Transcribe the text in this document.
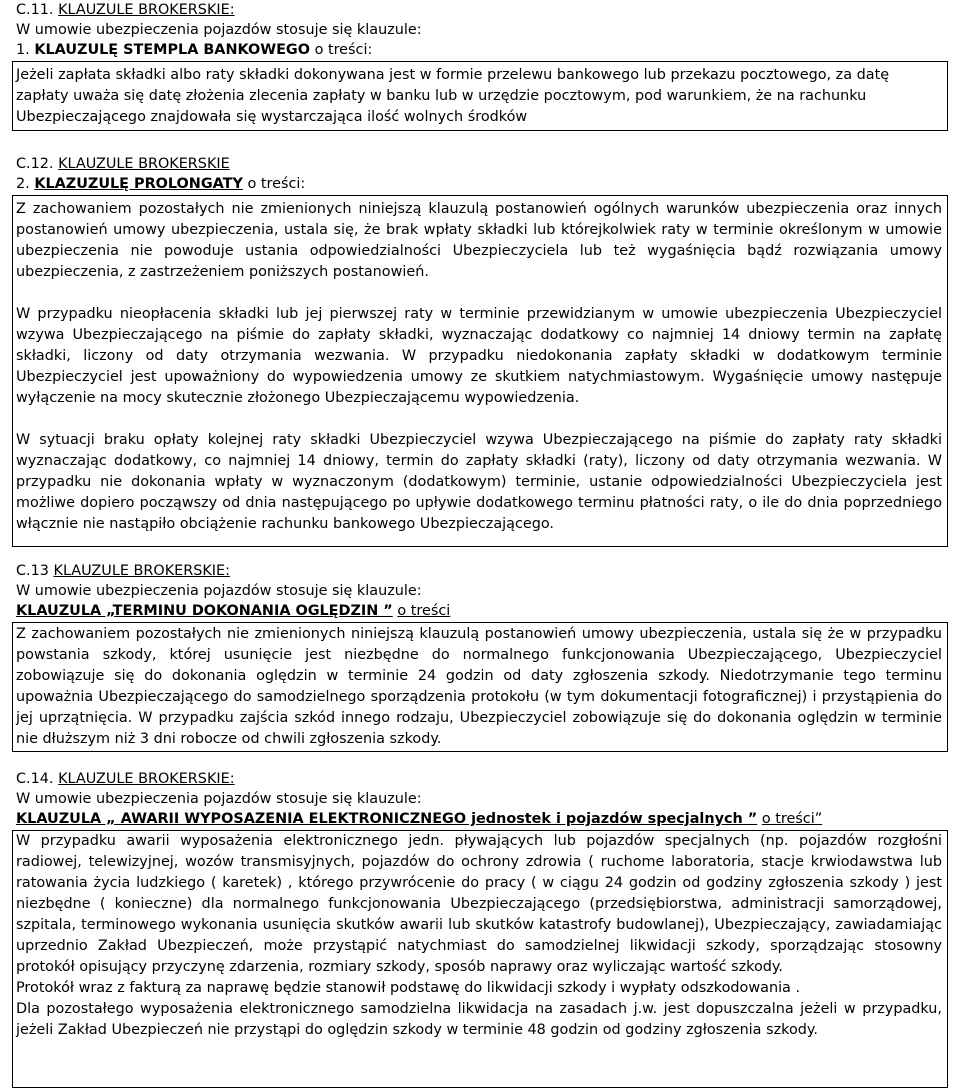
C.11. KLAUZULE BROKERSKIE:
W umowie ubezpieczenia pojazdów stosuje się klauzule:
1. KLAUZULĘ STEMPLA BANKOWEGO o treści:
Jeżeli zapłata składki albo raty składki dokonywana jest w formie przelewu bankowego lub przekazu pocztowego, za datę zapłaty uważa się datę złożenia zlecenia zapłaty w banku lub w urzędzie pocztowym, pod warunkiem, że na rachunku Ubezpieczającego znajdowała się wystarczająca ilość wolnych środków
C.12. KLAUZULE BROKERSKIE
2. KLAZUZULĘ PROLONGATY o treści:

Z zachowaniem pozostałych nie zmienionych niniejszą klauzulą postanowień ogólnych warunków ubezpieczenia oraz innych postanowień umowy ubezpieczenia, ustala się, że brak wpłaty składki lub którejkolwiek raty w terminie określonym w umowie ubezpieczenia nie powoduje ustania odpowiedzialności Ubezpieczyciela lub też wygaśnięcia bądź rozwiązania umowy ubezpieczenia, z zastrzeżeniem poniższych postanowień.

W przypadku nieopłacenia składki lub jej pierwszej raty w terminie przewidzianym w umowie ubezpieczenia Ubezpieczyciel wzywa Ubezpieczającego na piśmie do zapłaty składki, wyznaczając dodatkowy co najmniej 14 dniowy termin na zapłatę składki, liczony od daty otrzymania wezwania. W przypadku niedokonania zapłaty składki w dodatkowym terminie Ubezpieczyciel jest upoważniony do wypowiedzenia umowy ze skutkiem natychmiastowym. Wygaśnięcie umowy następuje wyłączenie na mocy skutecznie złożonego Ubezpieczającemu wypowiedzenia.

W sytuacji braku opłaty kolejnej raty składki Ubezpieczyciel wzywa Ubezpieczającego na piśmie do zapłaty raty składki wyznaczając dodatkowy, co najmniej 14 dniowy, termin do zapłaty składki (raty), liczony od daty otrzymania wezwania. W przypadku nie dokonania wpłaty w wyznaczonym (dodatkowym) terminie, ustanie odpowiedzialności Ubezpieczyciela jest możliwe dopiero począwszy od dnia następującego po upływie dodatkowego terminu płatności raty, o ile do dnia poprzedniego włącznie nie nastąpiło obciążenie rachunku bankowego Ubezpieczającego.

C.13 KLAUZULE BROKERSKIE:
W umowie ubezpieczenia pojazdów stosuje się klauzule:
KLAUZULA „TERMINU DOKONANIA OGLĘDZIN ” o treści
Z zachowaniem pozostałych nie zmienionych niniejszą klauzulą postanowień umowy ubezpieczenia, ustala się że w przypadku powstania szkody, której usunięcie jest niezbędne do normalnego funkcjonowania Ubezpieczającego, Ubezpieczyciel zobowiązuje się do dokonania oględzin w terminie 24 godzin od daty zgłoszenia szkody. Niedotrzymanie tego terminu upoważnia Ubezpieczającego do samodzielnego sporządzenia protokołu (w tym dokumentacji fotograficznej) i przystąpienia do jej uprzątnięcia. W przypadku zajścia szkód innego rodzaju, Ubezpieczyciel zobowiązuje się do dokonania oględzin w terminie nie dłuższym niż 3 dni robocze od chwili zgłoszenia szkody.
C.14. KLAUZULE BROKERSKIE:
W umowie ubezpieczenia pojazdów stosuje się klauzule:
KLAUZULA „ AWARII WYPOSAZENIA ELEKTRONICZNEGO jednostek i pojazdów specjalnych ” o treści”

W przypadku awarii wyposażenia elektronicznego jedn. pływających lub pojazdów specjalnych (np. pojazdów rozgłośni radiowej, telewizyjnej, wozów transmisyjnych, pojazdów do ochrony zdrowia ( ruchome laboratoria, stacje krwiodawstwa lub ratowania życia ludzkiego ( karetek) , którego przywrócenie do pracy ( w ciągu 24 godzin od godziny zgłoszenia szkody ) jest niezbędne ( konieczne) dla normalnego funkcjonowania Ubezpieczającego (przedsiębiorstwa, administracji samorządowej, szpitala, terminowego wykonania usunięcia skutków awarii lub skutków katastrofy budowlanej), Ubezpieczający, zawiadamiając uprzednio Zakład Ubezpieczeń, może przystąpić natychmiast do samodzielnej likwidacji szkody, sporządzając stosowny protokół opisujący przyczynę zdarzenia, rozmiary szkody, sposób naprawy oraz wyliczając wartość szkody.

Protokół wraz z fakturą za naprawę będzie stanowił podstawę do likwidacji szkody i wypłaty odszkodowania .

Dla pozostałego wyposażenia elektronicznego samodzielna likwidacja na zasadach j.w. jest dopuszczalna jeżeli w przypadku, jeżeli Zakład Ubezpieczeń nie przystąpi do oględzin szkody w terminie 48 godzin od godziny zgłoszenia szkody.
